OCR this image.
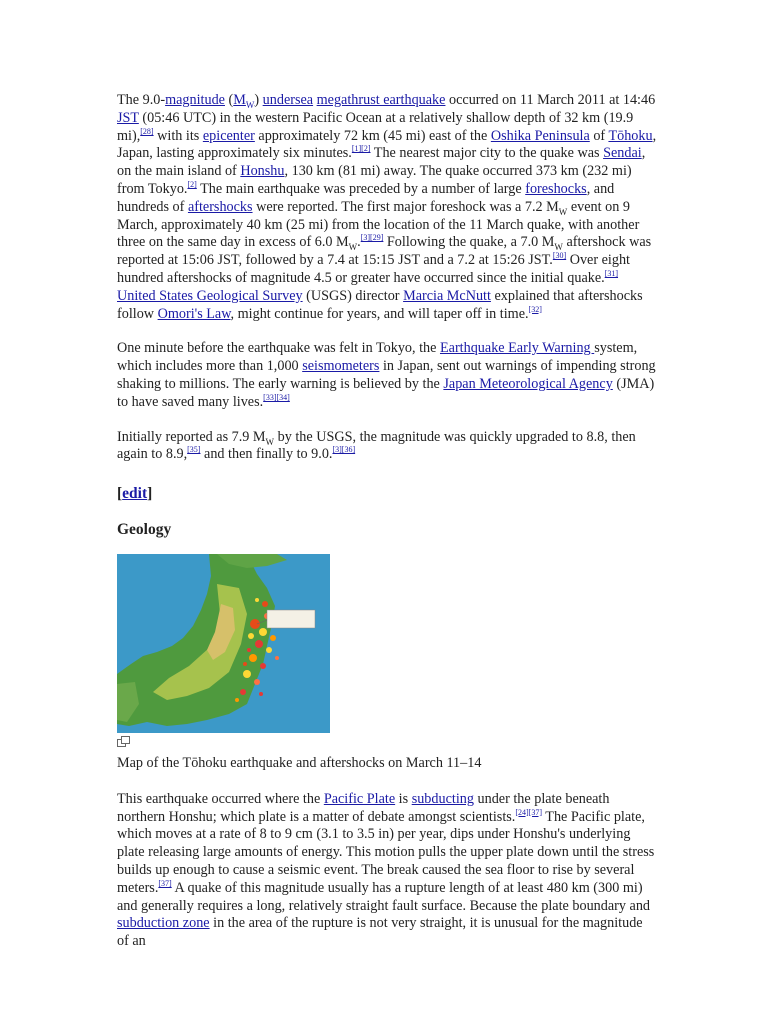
The 9.0-magnitude $(M_W)$ undersea megathrust earthquake occurred on 11 March 2011 at 14:46 JST (05:46 UTC) in the western Pacific Ocean at a relatively shallow depth of 32 km (19.9 mi),[28] with its epicenter approximately 72 km (45 mi) east of the Oshika Peninsula of Tōhoku, Japan, lasting approximately six minutes.[1][2] The nearest major city to the quake was Sendai, on the main island of Honshu, 130 km (81 mi) away. The quake occurred 373 km (232 mi) from Tokyo.[2] The main earthquake was preceded by a number of large foreshocks, and hundreds of aftershocks were reported. The first major foreshock was a 7.2 $M_W$ event on 9 March, approximately 40 km (25 mi) from the location of the 11 March quake, with another three on the same day in excess of 6.0 $M_W.[3][29]$ Following the quake, a 7.0 $M_W$ aftershock was reported at 15:06 JST, followed by a 7.4 at 15:15 JST and a 7.2 at 15:26 JST.[30] Over eight hundred aftershocks of magnitude 4.5 or greater have occurred since the initial quake.[31] United States Geological Survey (USGS) director Marcia McNutt explained that aftershocks follow Omori's Law, might continue for years, and will taper off in time.[32]

One minute before the earthquake was felt in Tokyo, the Earthquake Early Warning system, which includes more than 1,000 seismometers in Japan, sent out warnings of impending strong shaking to millions. The early warning is believed by the Japan Meteorological Agency (JMA) to have saved many lives.[33][34]

Initially reported as 7.9 $M_W$ by the USGS, the magnitude was quickly upgraded to 8.8, then again to 8.9,[35] and then finally to 9.0.[3][36]

[edit]
Geology
Map of the Tōhoku earthquake and aftershocks on March 11–14

This earthquake occurred where the Pacific Plate is subducting under the plate beneath northern Honshu; which plate is a matter of debate amongst scientists.[24][37] The Pacific plate, which moves at a rate of 8 to 9 cm (3.1 to 3.5 in) per year, dips under Honshu's underlying plate releasing large amounts of energy. This motion pulls the upper plate down until the stress builds up enough to cause a seismic event. The break caused the sea floor to rise by several meters.[37] A quake of this magnitude usually has a rupture length of at least 480 km (300 mi) and generally requires a long, relatively straight fault surface. Because the plate boundary and subduction zone in the area of the rupture is not very straight, it is unusual for the magnitude of an
